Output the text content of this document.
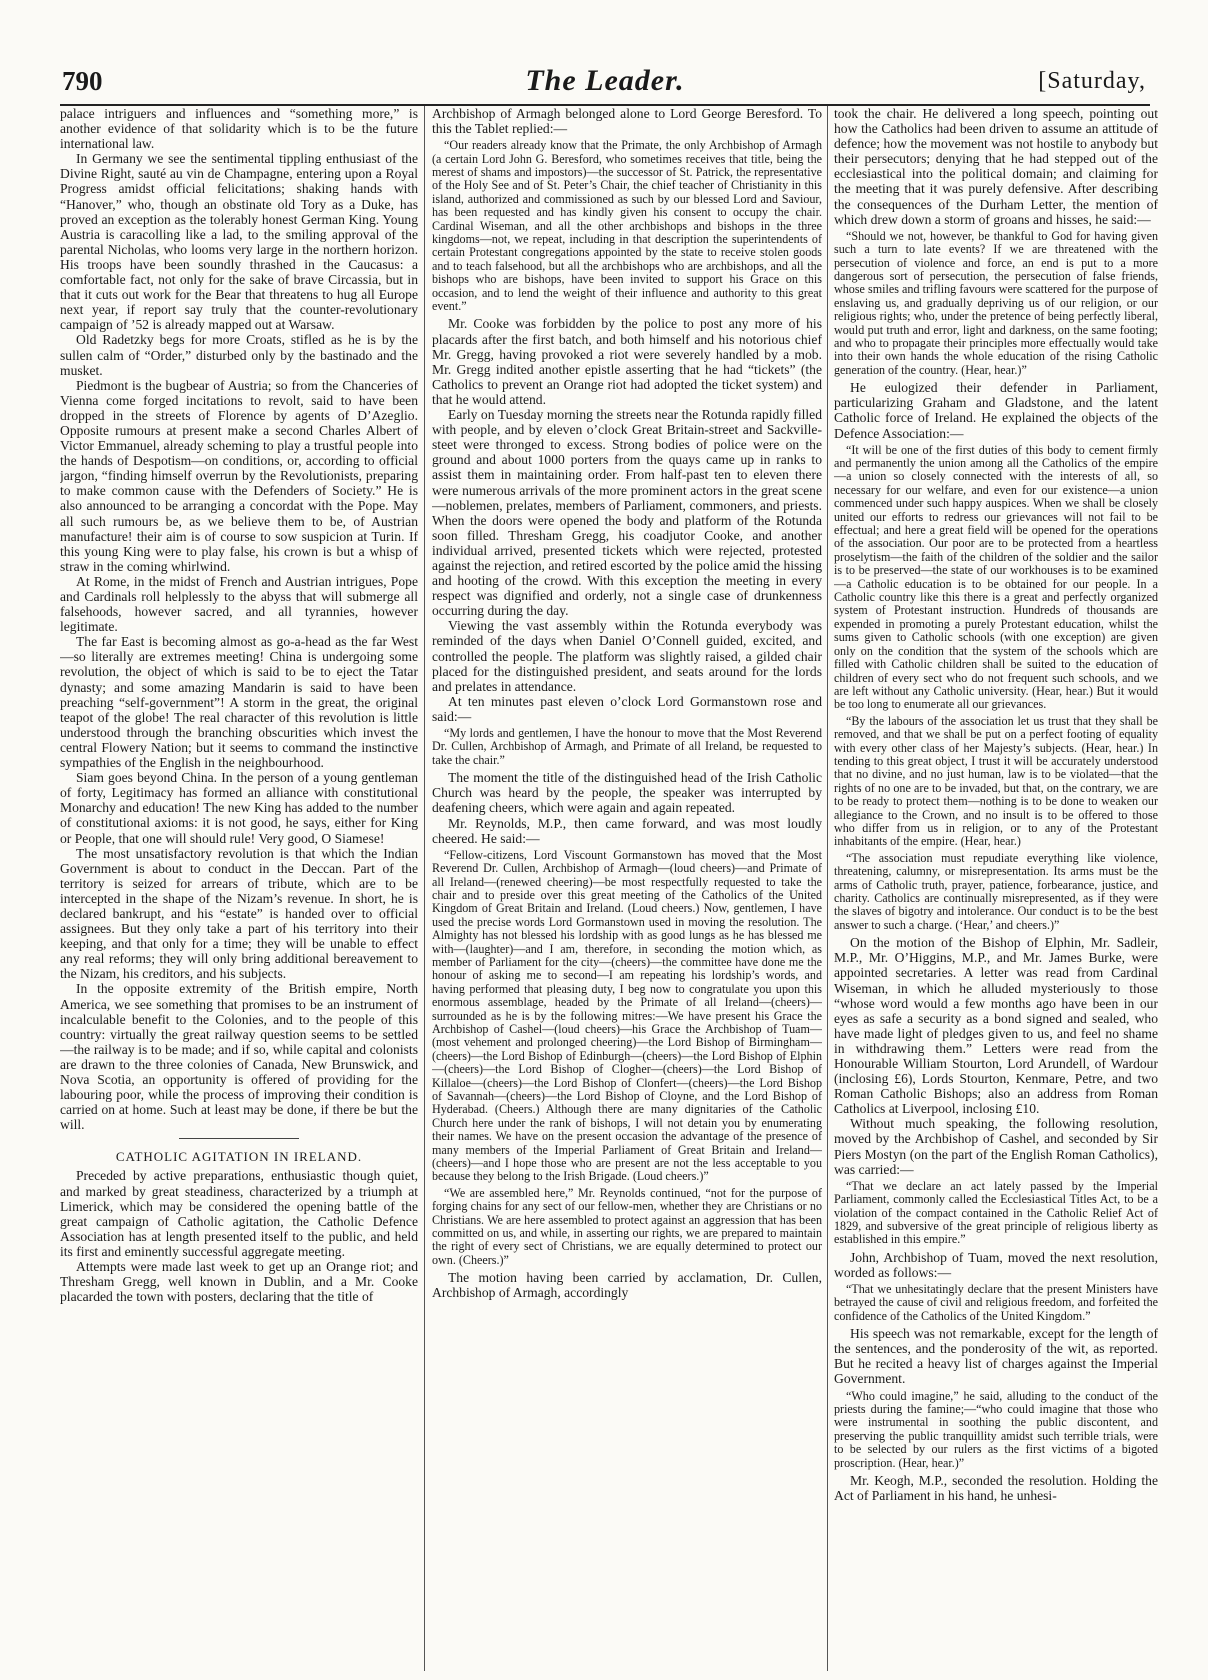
790	The Leader.	[Saturday,

palace intriguers and influences and “something more,” is another evidence of that solidarity which is to be the future international law.

In Germany we see the sentimental tippling enthusiast of the Divine Right, sauté au vin de Champagne, entering upon a Royal Progress amidst official felicitations; shaking hands with “Hanover,” who, though an obstinate old Tory as a Duke, has proved an exception as the tolerably honest German King. Young Austria is caracolling like a lad, to the smiling approval of the parental Nicholas, who looms very large in the northern horizon. His troops have been soundly thrashed in the Caucasus: a comfortable fact, not only for the sake of brave Circassia, but in that it cuts out work for the Bear that threatens to hug all Europe next year, if report say truly that the counter-revolutionary campaign of ’52 is already mapped out at Warsaw.

Old Radetzky begs for more Croats, stifled as he is by the sullen calm of “Order,” disturbed only by the bastinado and the musket.

Piedmont is the bugbear of Austria; so from the Chanceries of Vienna come forged incitations to revolt, said to have been dropped in the streets of Florence by agents of D’Azeglio. Opposite rumours at present make a second Charles Albert of Victor Emmanuel, already scheming to play a trustful people into the hands of Despotism—on conditions, or, according to official jargon, “finding himself overrun by the Revolutionists, preparing to make common cause with the Defenders of Society.” He is also announced to be arranging a concordat with the Pope. May all such rumours be, as we believe them to be, of Austrian manufacture! their aim is of course to sow suspicion at Turin. If this young King were to play false, his crown is but a whisp of straw in the coming whirlwind.

At Rome, in the midst of French and Austrian intrigues, Pope and Cardinals roll helplessly to the abyss that will submerge all falsehoods, however sacred, and all tyrannies, however legitimate.

The far East is becoming almost as go-a-head as the far West—so literally are extremes meeting! China is undergoing some revolution, the object of which is said to be to eject the Tatar dynasty; and some amazing Mandarin is said to have been preaching “self-government”! A storm in the great, the original teapot of the globe! The real character of this revolution is little understood through the branching obscurities which invest the central Flowery Nation; but it seems to command the instinctive sympathies of the English in the neighbourhood.

Siam goes beyond China. In the person of a young gentleman of forty, Legitimacy has formed an alliance with constitutional Monarchy and education! The new King has added to the number of constitutional axioms: it is not good, he says, either for King or People, that one will should rule! Very good, O Siamese!

The most unsatisfactory revolution is that which the Indian Government is about to conduct in the Deccan. Part of the territory is seized for arrears of tribute, which are to be intercepted in the shape of the Nizam’s revenue. In short, he is declared bankrupt, and his “estate” is handed over to official assignees. But they only take a part of his territory into their keeping, and that only for a time; they will be unable to effect any real reforms; they will only bring additional bereavement to the Nizam, his creditors, and his subjects.

In the opposite extremity of the British empire, North America, we see something that promises to be an instrument of incalculable benefit to the Colonies, and to the people of this country: virtually the great railway question seems to be settled—the railway is to be made; and if so, while capital and colonists are drawn to the three colonies of Canada, New Brunswick, and Nova Scotia, an opportunity is offered of providing for the labouring poor, while the process of improving their condition is carried on at home. Such at least may be done, if there be but the will.

CATHOLIC AGITATION IN IRELAND.

Preceded by active preparations, enthusiastic though quiet, and marked by great steadiness, characterized by a triumph at Limerick, which may be considered the opening battle of the great campaign of Catholic agitation, the Catholic Defence Association has at length presented itself to the public, and held its first and eminently successful aggregate meeting.

Attempts were made last week to get up an Orange riot; and Thresham Gregg, well known in Dublin, and a Mr. Cooke placarded the town with posters, declaring that the title of

Archbishop of Armagh belonged alone to Lord George Beresford. To this the Tablet replied:—

“Our readers already know that the Primate, the only Archbishop of Armagh (a certain Lord John G. Beresford, who sometimes receives that title, being the merest of shams and impostors)—the successor of St. Patrick, the representative of the Holy See and of St. Peter’s Chair, the chief teacher of Christianity in this island, authorized and commissioned as such by our blessed Lord and Saviour, has been requested and has kindly given his consent to occupy the chair. Cardinal Wiseman, and all the other archbishops and bishops in the three kingdoms—not, we repeat, including in that description the superintendents of certain Protestant congregations appointed by the state to receive stolen goods and to teach falsehood, but all the archbishops who are archbishops, and all the bishops who are bishops, have been invited to support his Grace on this occasion, and to lend the weight of their influence and authority to this great event.”

Mr. Cooke was forbidden by the police to post any more of his placards after the first batch, and both himself and his notorious chief Mr. Gregg, having provoked a riot were severely handled by a mob. Mr. Gregg indited another epistle asserting that he had “tickets” (the Catholics to prevent an Orange riot had adopted the ticket system) and that he would attend.

Early on Tuesday morning the streets near the Rotunda rapidly filled with people, and by eleven o’clock Great Britain-street and Sackville-steet were thronged to excess. Strong bodies of police were on the ground and about 1000 porters from the quays came up in ranks to assist them in maintaining order. From half-past ten to eleven there were numerous arrivals of the more prominent actors in the great scene—noblemen, prelates, members of Parliament, commoners, and priests. When the doors were opened the body and platform of the Rotunda soon filled. Thresham Gregg, his coadjutor Cooke, and another individual arrived, presented tickets which were rejected, protested against the rejection, and retired escorted by the police amid the hissing and hooting of the crowd. With this exception the meeting in every respect was dignified and orderly, not a single case of drunkenness occurring during the day.

Viewing the vast assembly within the Rotunda everybody was reminded of the days when Daniel O’Connell guided, excited, and controlled the people. The platform was slightly raised, a gilded chair placed for the distinguished president, and seats around for the lords and prelates in attendance.

At ten minutes past eleven o’clock Lord Gormanstown rose and said:—

“My lords and gentlemen, I have the honour to move that the Most Reverend Dr. Cullen, Archbishop of Armagh, and Primate of all Ireland, be requested to take the chair.”

The moment the title of the distinguished head of the Irish Catholic Church was heard by the people, the speaker was interrupted by deafening cheers, which were again and again repeated.

Mr. Reynolds, M.P., then came forward, and was most loudly cheered. He said:—

“Fellow-citizens, Lord Viscount Gormanstown has moved that the Most Reverend Dr. Cullen, Archbishop of Armagh—(loud cheers)—and Primate of all Ireland—(renewed cheering)—be most respectfully requested to take the chair and to preside over this great meeting of the Catholics of the United Kingdom of Great Britain and Ireland. (Loud cheers.) Now, gentlemen, I have used the precise words Lord Gormanstown used in moving the resolution. The Almighty has not blessed his lordship with as good lungs as he has blessed me with—(laughter)—and I am, therefore, in seconding the motion which, as member of Parliament for the city—(cheers)—the committee have done me the honour of asking me to second—I am repeating his lordship’s words, and having performed that pleasing duty, I beg now to congratulate you upon this enormous assemblage, headed by the Primate of all Ireland—(cheers)—surrounded as he is by the following mitres:—We have present his Grace the Archbishop of Cashel—(loud cheers)—his Grace the Archbishop of Tuam—(most vehement and prolonged cheering)—the Lord Bishop of Birmingham—(cheers)—the Lord Bishop of Edinburgh—(cheers)—the Lord Bishop of Elphin—(cheers)—the Lord Bishop of Clogher—(cheers)—the Lord Bishop of Killaloe—(cheers)—the Lord Bishop of Clonfert—(cheers)—the Lord Bishop of Savannah—(cheers)—the Lord Bishop of Cloyne, and the Lord Bishop of Hyderabad. (Cheers.) Although there are many dignitaries of the Catholic Church here under the rank of bishops, I will not detain you by enumerating their names. We have on the present occasion the advantage of the presence of many members of the Imperial Parliament of Great Britain and Ireland—(cheers)—and I hope those who are present are not the less acceptable to you because they belong to the Irish Brigade. (Loud cheers.)”

“We are assembled here,” Mr. Reynolds continued, “not for the purpose of forging chains for any sect of our fellow-men, whether they are Christians or no Christians. We are here assembled to protect against an aggression that has been committed on us, and while, in asserting our rights, we are prepared to maintain the right of every sect of Christians, we are equally determined to protect our own. (Cheers.)”

The motion having been carried by acclamation, Dr. Cullen, Archbishop of Armagh, accordingly

took the chair. He delivered a long speech, pointing out how the Catholics had been driven to assume an attitude of defence; how the movement was not hostile to anybody but their persecutors; denying that he had stepped out of the ecclesiastical into the political domain; and claiming for the meeting that it was purely defensive. After describing the consequences of the Durham Letter, the mention of which drew down a storm of groans and hisses, he said:—

“Should we not, however, be thankful to God for having given such a turn to late events? If we are threatened with the persecution of violence and force, an end is put to a more dangerous sort of persecution, the persecution of false friends, whose smiles and trifling favours were scattered for the purpose of enslaving us, and gradually depriving us of our religion, or our religious rights; who, under the pretence of being perfectly liberal, would put truth and error, light and darkness, on the same footing; and who to propagate their principles more effectually would take into their own hands the whole education of the rising Catholic generation of the country. (Hear, hear.)”

He eulogized their defender in Parliament, particularizing Graham and Gladstone, and the latent Catholic force of Ireland. He explained the objects of the Defence Association:—

“It will be one of the first duties of this body to cement firmly and permanently the union among all the Catholics of the empire—a union so closely connected with the interests of all, so necessary for our welfare, and even for our existence—a union commenced under such happy auspices. When we shall be closely united our efforts to redress our grievances will not fail to be effectual; and here a great field will be opened for the operations of the association. Our poor are to be protected from a heartless proselytism—the faith of the children of the soldier and the sailor is to be preserved—the state of our workhouses is to be examined—a Catholic education is to be obtained for our people. In a Catholic country like this there is a great and perfectly organized system of Protestant instruction. Hundreds of thousands are expended in promoting a purely Protestant education, whilst the sums given to Catholic schools (with one exception) are given only on the condition that the system of the schools which are filled with Catholic children shall be suited to the education of children of every sect who do not frequent such schools, and we are left without any Catholic university. (Hear, hear.) But it would be too long to enumerate all our grievances.

“By the labours of the association let us trust that they shall be removed, and that we shall be put on a perfect footing of equality with every other class of her Majesty’s subjects. (Hear, hear.) In tending to this great object, I trust it will be accurately understood that no divine, and no just human, law is to be violated—that the rights of no one are to be invaded, but that, on the contrary, we are to be ready to protect them—nothing is to be done to weaken our allegiance to the Crown, and no insult is to be offered to those who differ from us in religion, or to any of the Protestant inhabitants of the empire. (Hear, hear.)

“The association must repudiate everything like violence, threatening, calumny, or misrepresentation. Its arms must be the arms of Catholic truth, prayer, patience, forbearance, justice, and charity. Catholics are continually misrepresented, as if they were the slaves of bigotry and intolerance. Our conduct is to be the best answer to such a charge. (‘Hear,’ and cheers.)”

On the motion of the Bishop of Elphin, Mr. Sadleir, M.P., Mr. O’Higgins, M.P., and Mr. James Burke, were appointed secretaries. A letter was read from Cardinal Wiseman, in which he alluded mysteriously to those “whose word would a few months ago have been in our eyes as safe a security as a bond signed and sealed, who have made light of pledges given to us, and feel no shame in withdrawing them.” Letters were read from the Honourable William Stourton, Lord Arundell, of Wardour (inclosing £6), Lords Stourton, Kenmare, Petre, and two Roman Catholic Bishops; also an address from Roman Catholics at Liverpool, inclosing £10.

Without much speaking, the following resolution, moved by the Archbishop of Cashel, and seconded by Sir Piers Mostyn (on the part of the English Roman Catholics), was carried:—

“That we declare an act lately passed by the Imperial Parliament, commonly called the Ecclesiastical Titles Act, to be a violation of the compact contained in the Catholic Relief Act of 1829, and subversive of the great principle of religious liberty as established in this empire.”

John, Archbishop of Tuam, moved the next resolution, worded as follows:—

“That we unhesitatingly declare that the present Ministers have betrayed the cause of civil and religious freedom, and forfeited the confidence of the Catholics of the United Kingdom.”

His speech was not remarkable, except for the length of the sentences, and the ponderosity of the wit, as reported. But he recited a heavy list of charges against the Imperial Government.

“Who could imagine,” he said, alluding to the conduct of the priests during the famine;—“who could imagine that those who were instrumental in soothing the public discontent, and preserving the public tranquillity amidst such terrible trials, were to be selected by our rulers as the first victims of a bigoted proscription. (Hear, hear.)”

Mr. Keogh, M.P., seconded the resolution. Holding the Act of Parliament in his hand, he unhesi-
